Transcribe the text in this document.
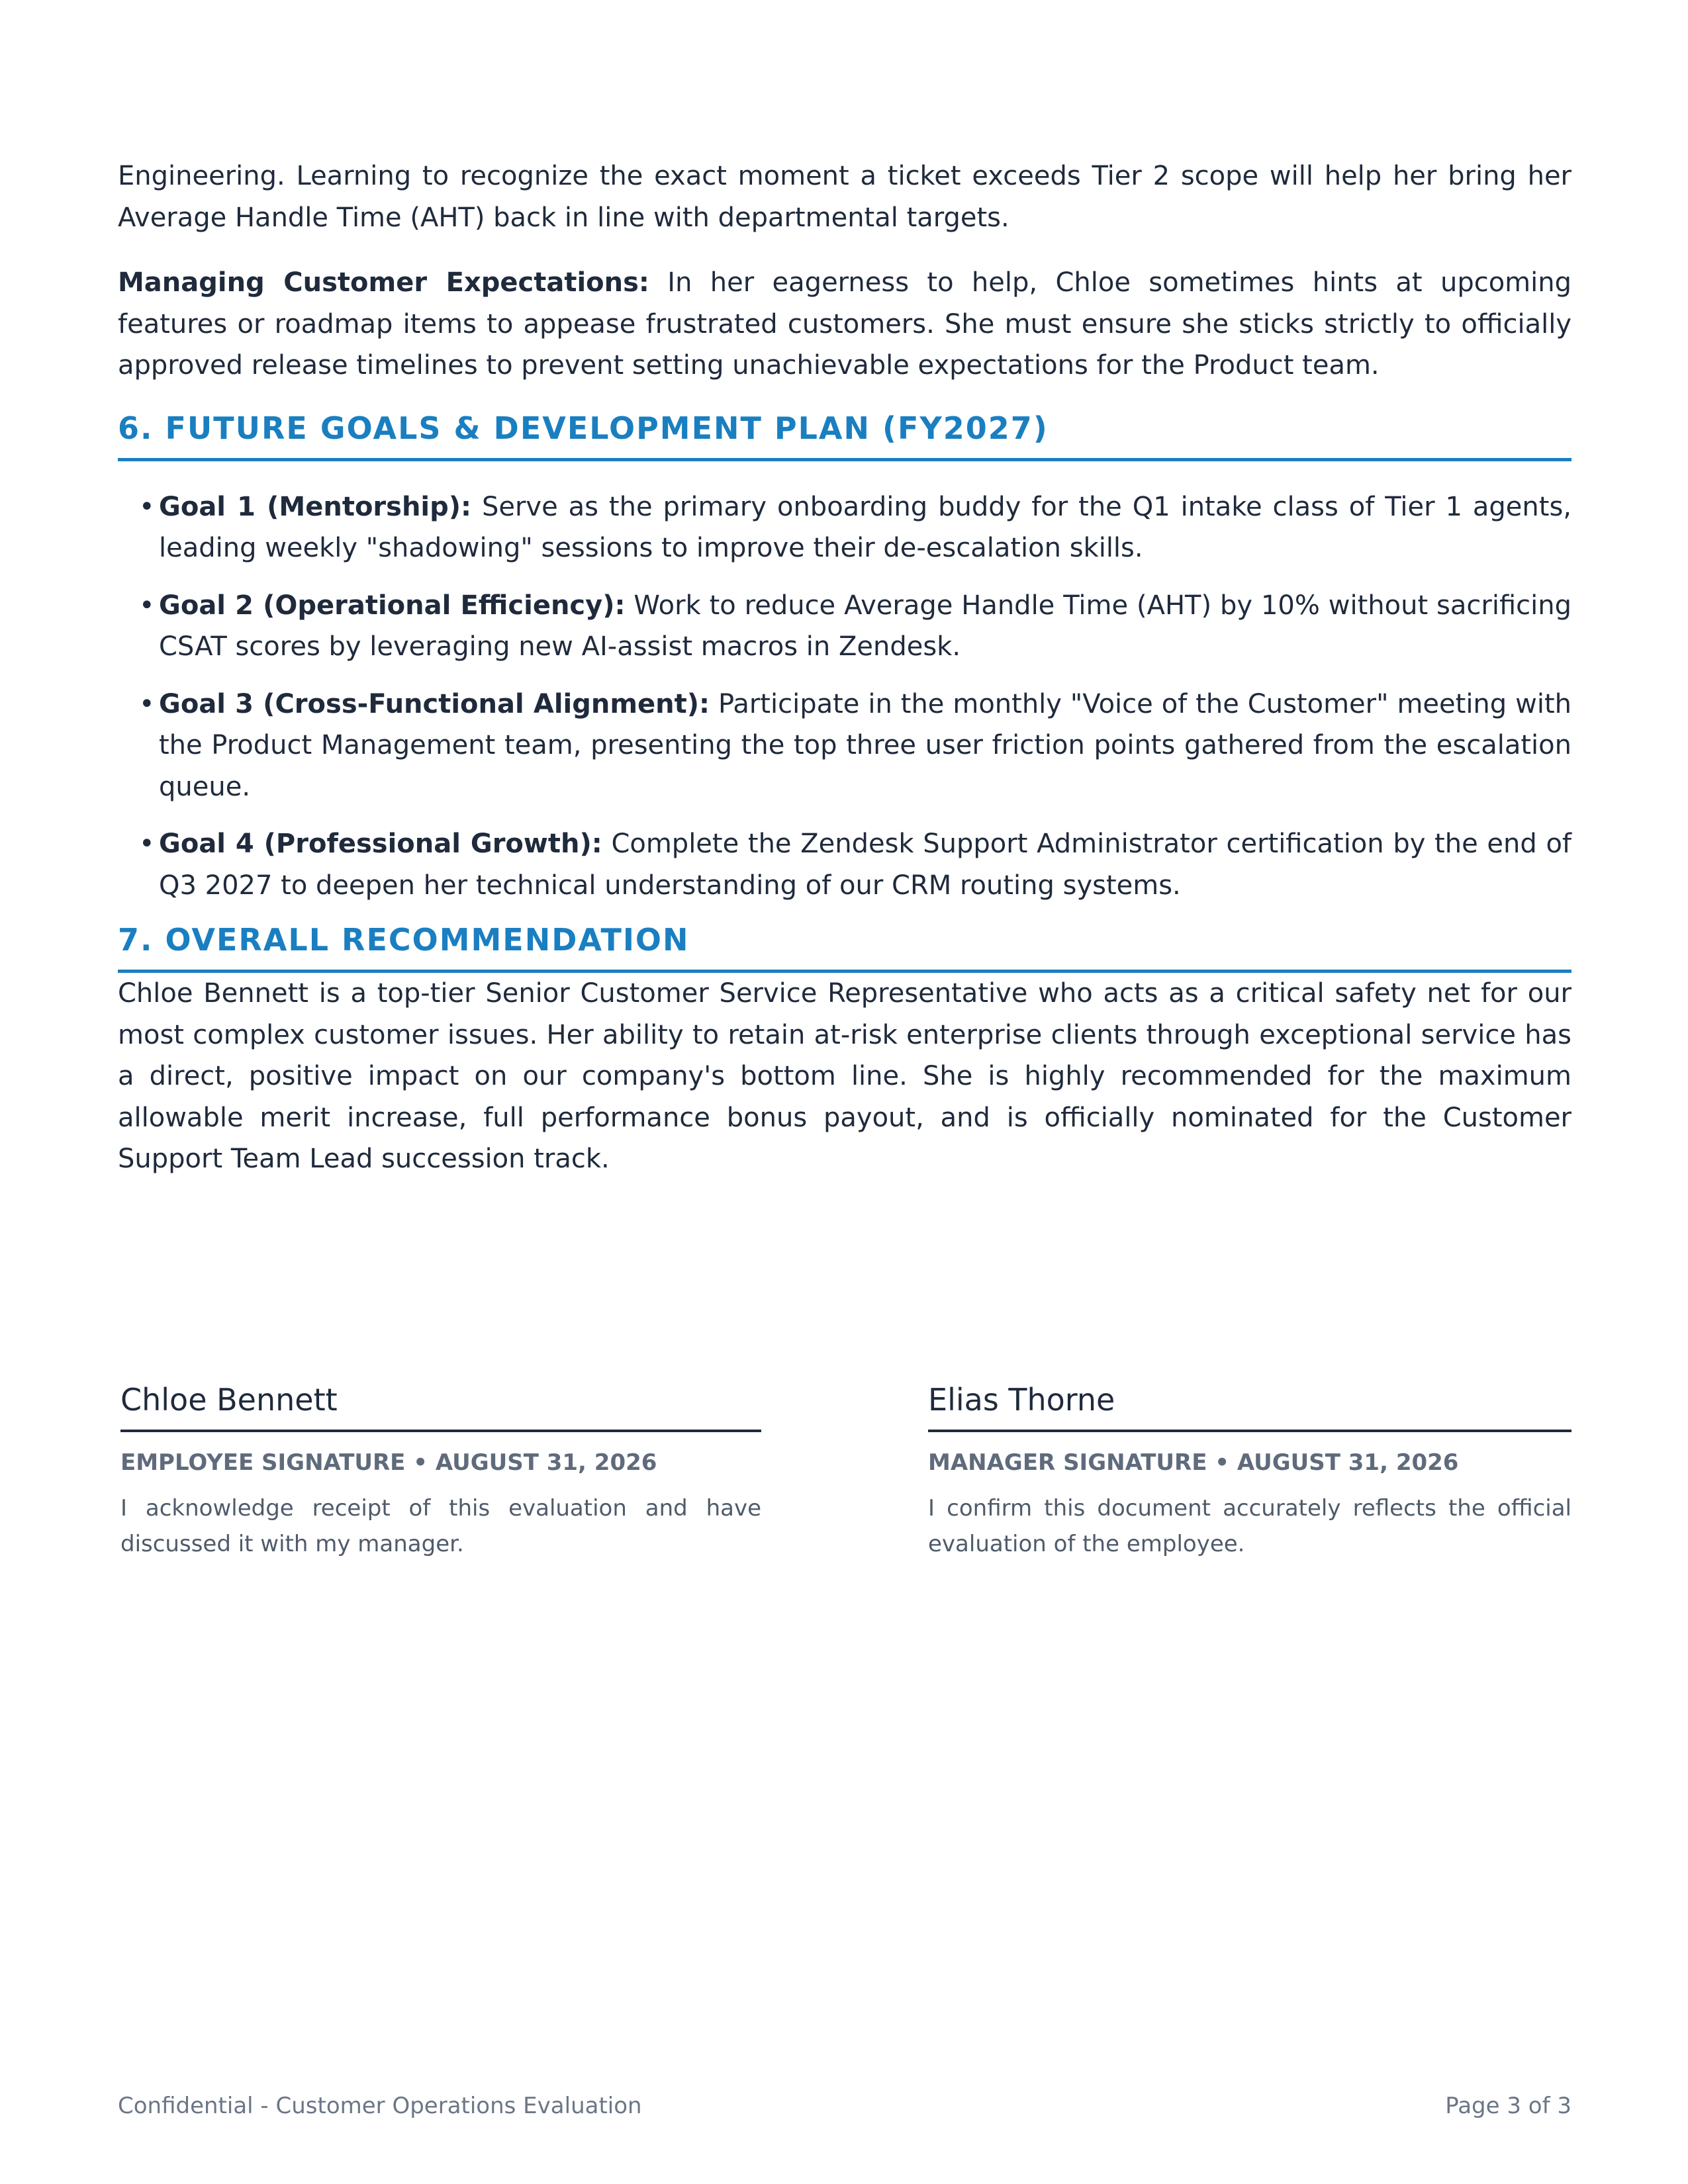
Engineering. Learning to recognize the exact moment a ticket exceeds Tier 2 scope will help her bring her Average Handle Time (AHT) back in line with departmental targets.

Managing Customer Expectations: In her eagerness to help, Chloe sometimes hints at upcoming features or roadmap items to appease frustrated customers. She must ensure she sticks strictly to officially approved release timelines to prevent setting unachievable expectations for the Product team.

6. FUTURE GOALS & DEVELOPMENT PLAN (FY2027)
• Goal 1 (Mentorship): Serve as the primary onboarding buddy for the Q1 intake class of Tier 1 agents, leading weekly "shadowing" sessions to improve their de-escalation skills.
• Goal 2 (Operational Efficiency): Work to reduce Average Handle Time (AHT) by 10% without sacrificing CSAT scores by leveraging new AI-assist macros in Zendesk.
• Goal 3 (Cross-Functional Alignment): Participate in the monthly "Voice of the Customer" meeting with the Product Management team, presenting the top three user friction points gathered from the escalation queue.
• Goal 4 (Professional Growth): Complete the Zendesk Support Administrator certification by the end of Q3 2027 to deepen her technical understanding of our CRM routing systems.
7. OVERALL RECOMMENDATION

Chloe Bennett is a top-tier Senior Customer Service Representative who acts as a critical safety net for our most complex customer issues. Her ability to retain at-risk enterprise clients through exceptional service has a direct, positive impact on our company's bottom line. She is highly recommended for the maximum allowable merit increase, full performance bonus payout, and is officially nominated for the Customer Support Team Lead succession track.

Chloe Bennett
EMPLOYEE SIGNATURE • AUGUST 31, 2026
I acknowledge receipt of this evaluation and have discussed it with my manager.
Elias Thorne
MANAGER SIGNATURE • AUGUST 31, 2026
I confirm this document accurately reflects the official evaluation of the employee.
Confidential - Customer Operations Evaluation	Page 3 of 3
